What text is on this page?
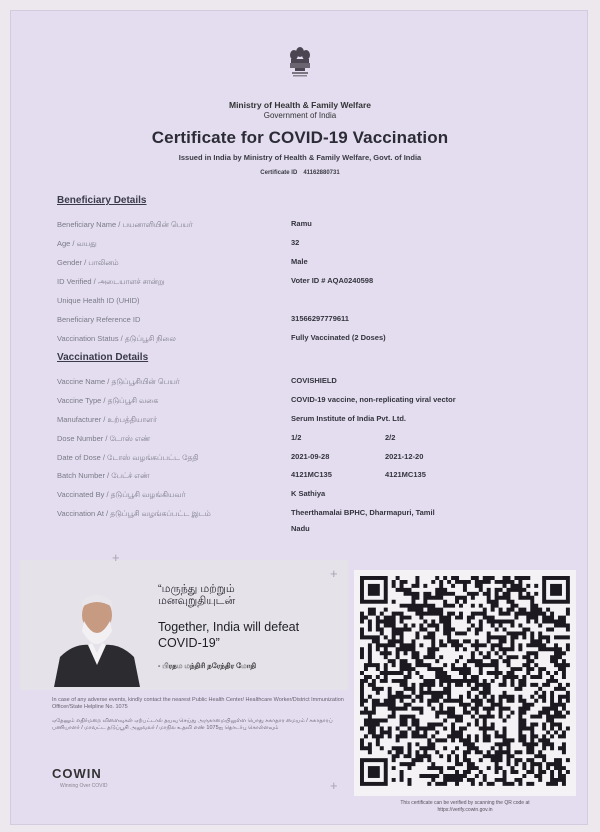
Ministry of Health & Family Welfare
Government of India
Certificate for COVID-19 Vaccination
Issued in India by Ministry of Health & Family Welfare, Govt. of India
Certificate ID 41162880731
Beneficiary Details
Beneficiary Name / பயனாளியின் பெயர்	Ramu
Age / வயது	32
Gender / பாலினம்	Male
ID Verified / அடையாளச் சான்று	Voter ID # AQA0240598
Unique Health ID (UHID)
Beneficiary Reference ID	31566297779611
Vaccination Status / தடுப்பூசி நிலை	Fully Vaccinated (2 Doses)
Vaccination Details
Vaccine Name / தடுப்பூசியின் பெயர்	COVISHIELD
Vaccine Type / தடுப்பூசி வகை	COVID-19 vaccine, non-replicating viral vector
Manufacturer / உற்பத்தியாளர்	Serum Institute of India Pvt. Ltd.
Dose Number / டோஸ் எண்	1/2	2/2
Date of Dose / டோஸ் வழங்கப்பட்ட தேதி	2021-09-28	2021-12-20
Batch Number / பேட்ச் எண்	4121MC135	4121MC135
Vaccinated By / தடுப்பூசி வழங்கியவர்	K Sathiya
Vaccination At / தடுப்பூசி வழங்கப்பட்ட இடம்	Theerthamalai BPHC, Dharmapuri, Tamil
Nadu
“மருந்து மற்றும்
மனவுறுதியுடன்
Together, India will defeat
COVID-19”
- பிரதம மந்திரி நரேந்திர மோதி
In case of any adverse events, kindly contact the nearest Public Health Center/ Healthcare Worker/District Immunization Officer/State Helpline No. 1075
ஏதேனும் எதிர்மறை விளைவுகள் ஏற்பட்டால் தயவு செய்து அருகாமையிலுள்ள பொது சுகாதார மையம் / சுகாதாரப் பணியாளர் / மாவட்ட தடுப்பூசி அலுவலர் / மாநில உதவி எண் 1075ஐ தொடர்பு கொள்ளவும்
+
+
+
COWIN
Winning Over COVID
This certificate can be verified by scanning the QR code at
https://verify.cowin.gov.in
